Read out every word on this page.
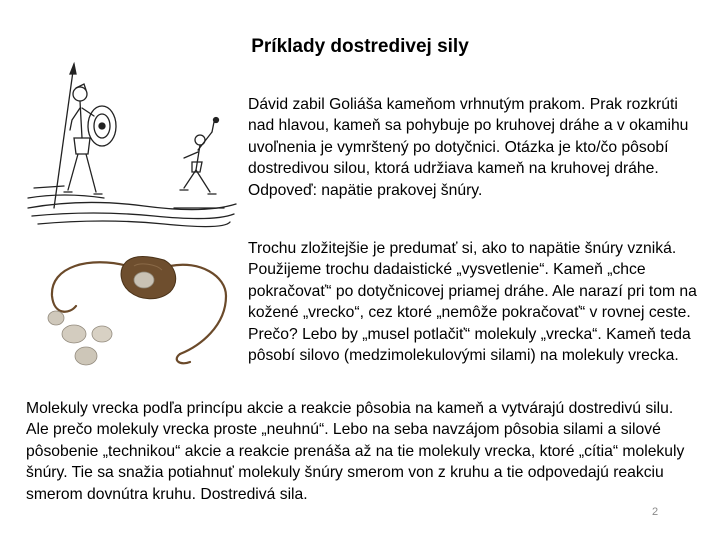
Príklady dostredivej sily
Dávid zabil Goliáša kameňom vrhnutým prakom. Prak rozkrúti nad hlavou, kameň sa pohybuje po kruhovej dráhe a v okamihu uvoľnenia je vymrštený po dotyčnici. Otázka je kto/čo pôsobí dostredivou silou, ktorá udržiava kameň na kruhovej dráhe. Odpoveď: napätie prakovej šnúry.
Trochu zložitejšie je predumať si, ako to napätie šnúry vzniká. Použijeme trochu dadaistické „vysvetlenie“. Kameň „chce pokračovať“ po dotyčnicovej priamej dráhe. Ale narazí pri tom na kožené „vrecko“, cez ktoré „nemôže pokračovať“ v rovnej ceste. Prečo? Lebo by „musel potlačiť“ molekuly „vrecka“. Kameň teda pôsobí silovo (medzimolekulovými silami) na molekuly vrecka.
Molekuly vrecka podľa princípu akcie a reakcie pôsobia na kameň a vytvárajú dostredivú silu. Ale prečo molekuly vrecka proste „neuhnú“. Lebo na seba navzájom pôsobia silami a silové pôsobenie „technikou“ akcie a reakcie prenáša až na tie molekuly vrecka, ktoré „cítia“ molekuly šnúry. Tie sa snažia potiahnuť molekuly šnúry smerom von z kruhu a tie odpovedajú reakciu smerom dovnútra kruhu. Dostredivá sila.
2
